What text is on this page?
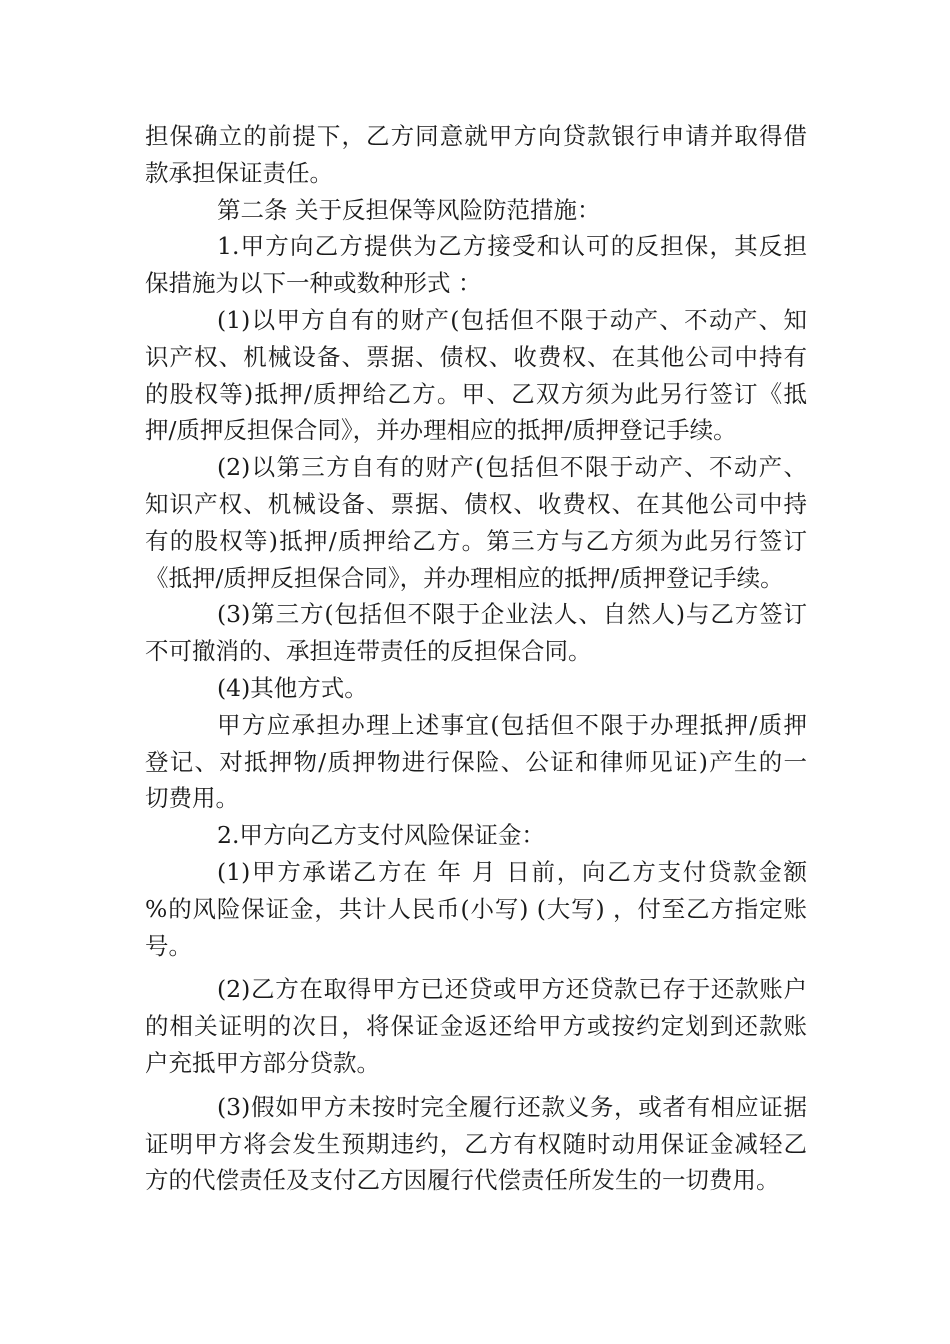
担保确立的前提下，乙方同意就甲方向贷款银行申请并取得借
款承担保证责任。
第二条 关于反担保等风险防范措施：
1.甲方向乙方提供为乙方接受和认可的反担保，其反担
保措施为以下一种或数种形式 ：
(1)以甲方自有的财产(包括但不限于动产、不动产、知
识产权、机械设备、票据、债权、收费权、在其他公司中持有
的股权等)抵押/质押给乙方。甲、乙双方须为此另行签订《抵
押/质押反担保合同》，并办理相应的抵押/质押登记手续。
(2)以第三方自有的财产(包括但不限于动产、不动产、
知识产权、机械设备、票据、债权、收费权、在其他公司中持
有的股权等)抵押/质押给乙方。第三方与乙方须为此另行签订
《抵押/质押反担保合同》，并办理相应的抵押/质押登记手续。
(3)第三方(包括但不限于企业法人、自然人)与乙方签订
不可撤消的、承担连带责任的反担保合同。
(4)其他方式。
甲方应承担办理上述事宜(包括但不限于办理抵押/质押
登记、对抵押物/质押物进行保险、公证和律师见证)产生的一
切费用。
2.甲方向乙方支付风险保证金：
(1)甲方承诺乙方在 年 月 日前，向乙方支付贷款金额
%的风险保证金，共计人民币(小写) (大写) ，付至乙方指定账
号。
(2)乙方在取得甲方已还贷或甲方还贷款已存于还款账户
的相关证明的次日，将保证金返还给甲方或按约定划到还款账
户充抵甲方部分贷款。
(3)假如甲方未按时完全履行还款义务，或者有相应证据
证明甲方将会发生预期违约，乙方有权随时动用保证金减轻乙
方的代偿责任及支付乙方因履行代偿责任所发生的一切费用。
